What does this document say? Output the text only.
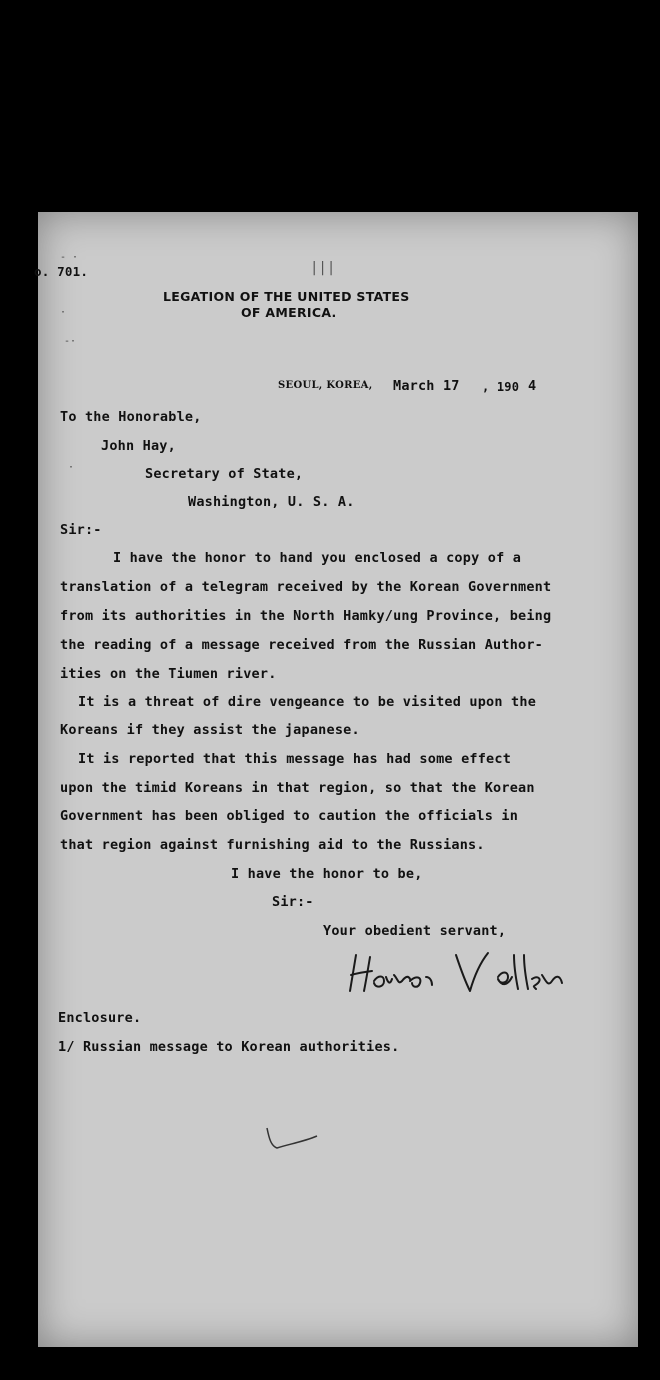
- ·
·
-·
·
|||
o. 701.
LEGATION OF THE UNITED STATES
OF AMERICA.
SEOUL, KOREA, March 17 , 190 4
To the Honorable,
John Hay,
Secretary of State,
Washington, U. S. A.
Sir:-
I have the honor to hand you enclosed a copy of a
translation of a telegram received by the Korean Government
from its authorities in the North Hamky/ung Province, being
the reading of a message received from the Russian Author-
ities on the Tiumen river.
It is a threat of dire vengeance to be visited upon the
Koreans if they assist the japanese.
It is reported that this message has had some effect
upon the timid Koreans in that region, so that the Korean
Government has been obliged to caution the officials in
that region against furnishing aid to the Russians.
I have the honor to be,
Sir:-
Your obedient servant,
Enclosure.
1/ Russian message to Korean authorities.
